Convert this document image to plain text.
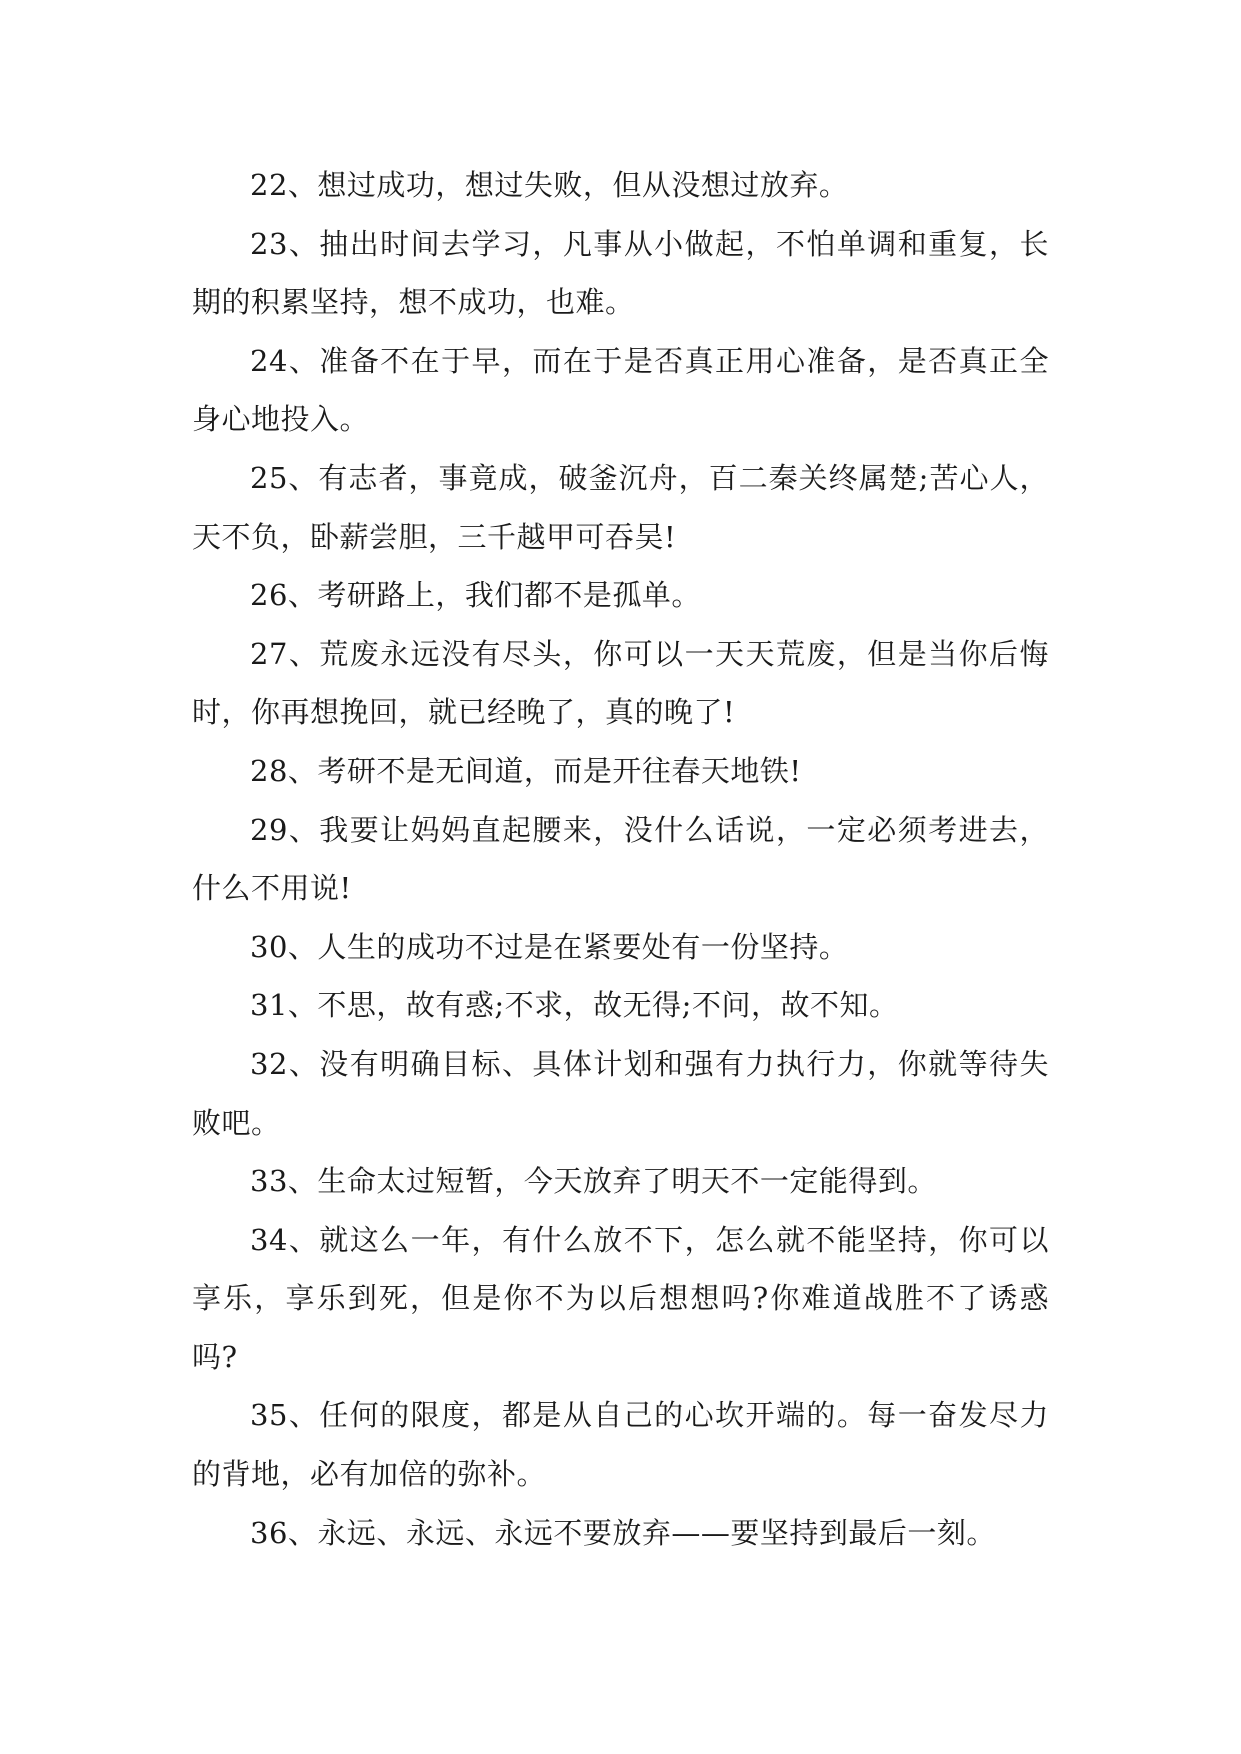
22、想过成功，想过失败，但从没想过放弃。

23、抽出时间去学习，凡事从小做起，不怕单调和重复，长期的积累坚持，想不成功，也难。

24、准备不在于早，而在于是否真正用心准备，是否真正全身心地投入。

25、有志者，事竟成，破釜沉舟，百二秦关终属楚;苦心人，天不负，卧薪尝胆，三千越甲可吞吴!

26、考研路上，我们都不是孤单。

27、荒废永远没有尽头，你可以一天天荒废，但是当你后悔时，你再想挽回，就已经晚了，真的晚了!

28、考研不是无间道，而是开往春天地铁!

29、我要让妈妈直起腰来，没什么话说，一定必须考进去，什么不用说!

30、人生的成功不过是在紧要处有一份坚持。

31、不思，故有惑;不求，故无得;不问，故不知。

32、没有明确目标、具体计划和强有力执行力，你就等待失败吧。

33、生命太过短暂，今天放弃了明天不一定能得到。

34、就这么一年，有什么放不下，怎么就不能坚持，你可以享乐，享乐到死，但是你不为以后想想吗?你难道战胜不了诱惑吗?

35、任何的限度，都是从自己的心坎开端的。每一奋发尽力的背地，必有加倍的弥补。

36、永远、永远、永远不要放弃——要坚持到最后一刻。
